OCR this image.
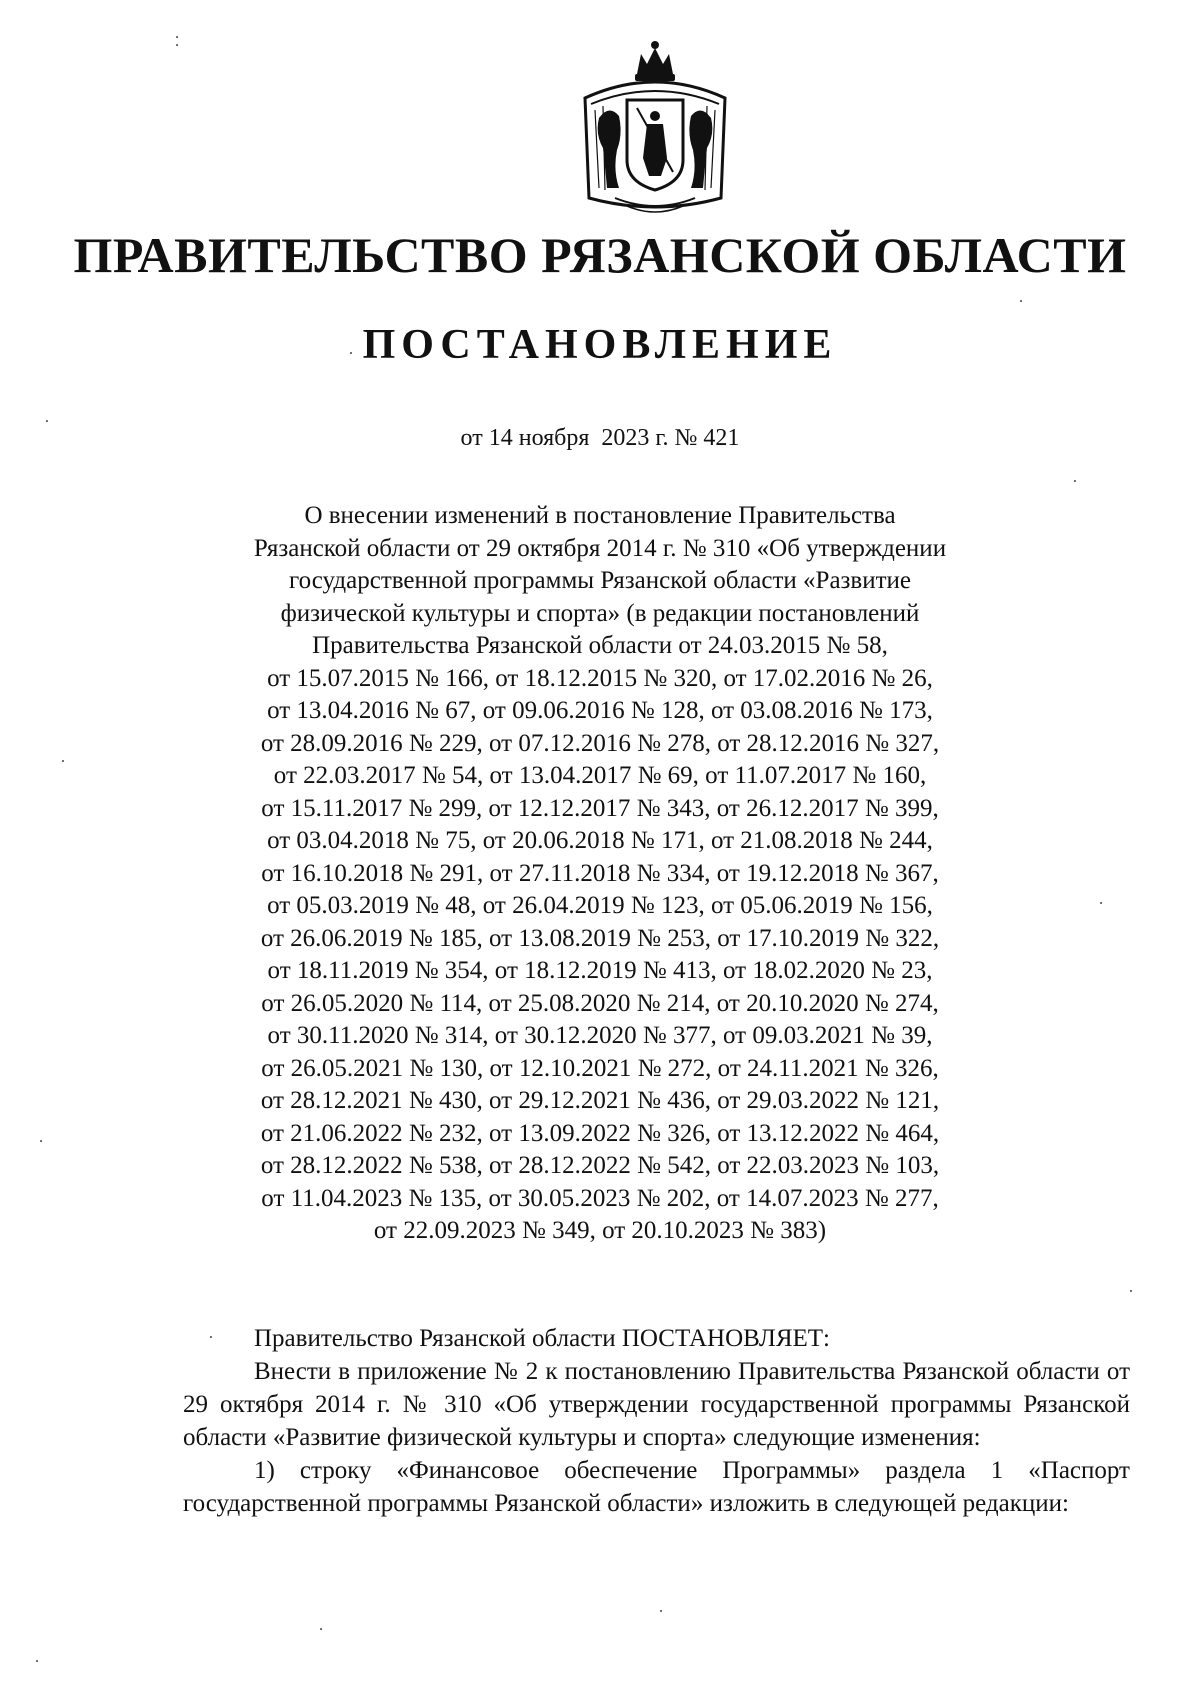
ПРАВИТЕЛЬСТВО РЯЗАНСКОЙ ОБЛАСТИ
ПОСТАНОВЛЕНИЕ
от 14 ноября  2023 г. № 421
О внесении изменений в постановление Правительства
Рязанской области от 29 октября 2014 г. № 310 «Об утверждении
государственной программы Рязанской области «Развитие
физической культуры и спорта» (в редакции постановлений
Правительства Рязанской области от 24.03.2015 № 58,
от 15.07.2015 № 166, от 18.12.2015 № 320, от 17.02.2016 № 26,
от 13.04.2016 № 67, от 09.06.2016 № 128, от 03.08.2016 № 173,
от 28.09.2016 № 229, от 07.12.2016 № 278, от 28.12.2016 № 327,
от 22.03.2017 № 54, от 13.04.2017 № 69, от 11.07.2017 № 160,
от 15.11.2017 № 299, от 12.12.2017 № 343, от 26.12.2017 № 399,
от 03.04.2018 № 75, от 20.06.2018 № 171, от 21.08.2018 № 244,
от 16.10.2018 № 291, от 27.11.2018 № 334, от 19.12.2018 № 367,
от 05.03.2019 № 48, от 26.04.2019 № 123, от 05.06.2019 № 156,
от 26.06.2019 № 185, от 13.08.2019 № 253, от 17.10.2019 № 322,
от 18.11.2019 № 354, от 18.12.2019 № 413, от 18.02.2020 № 23,
от 26.05.2020 № 114, от 25.08.2020 № 214, от 20.10.2020 № 274,
от 30.11.2020 № 314, от 30.12.2020 № 377, от 09.03.2021 № 39,
от 26.05.2021 № 130, от 12.10.2021 № 272, от 24.11.2021 № 326,
от 28.12.2021 № 430, от 29.12.2021 № 436, от 29.03.2022 № 121,
от 21.06.2022 № 232, от 13.09.2022 № 326, от 13.12.2022 № 464,
от 28.12.2022 № 538, от 28.12.2022 № 542, от 22.03.2023 № 103,
от 11.04.2023 № 135, от 30.05.2023 № 202, от 14.07.2023 № 277,
от 22.09.2023 № 349, от 20.10.2023 № 383)

Правительство Рязанской области ПОСТАНОВЛЯЕТ:

Внести в приложение № 2 к постановлению Правительства Рязанской области от 29 октября 2014 г. № 310 «Об утверждении государственной программы Рязанской области «Развитие физической культуры и спорта» следующие изменения:

1) строку «Финансовое обеспечение Программы» раздела 1 «Паспорт государственной программы Рязанской области» изложить в следующей редакции:
